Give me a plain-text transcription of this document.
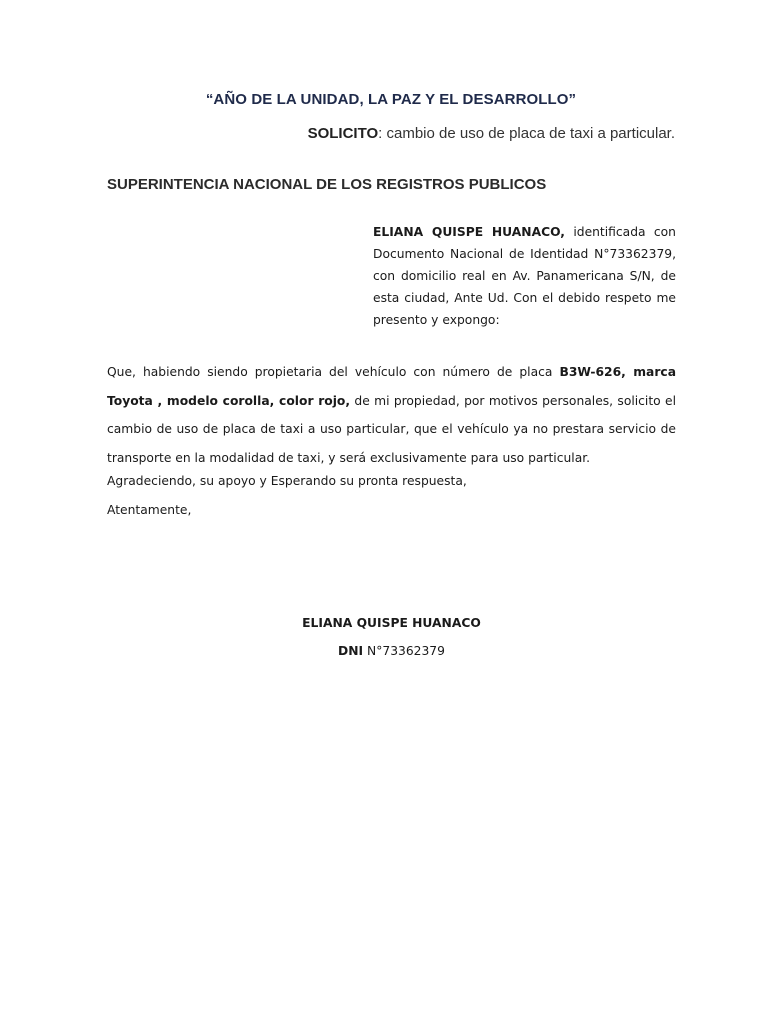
“AÑO DE LA UNIDAD, LA PAZ Y EL DESARROLLO”
SOLICITO: cambio de uso de placa de taxi a particular.
SUPERINTENCIA NACIONAL DE LOS REGISTROS PUBLICOS
ELIANA QUISPE HUANACO, identificada con Documento Nacional de Identidad N°73362379, con domicilio real en Av. Panamericana S/N, de esta ciudad, Ante Ud. Con el debido respeto me presento y expongo:
Que, habiendo siendo propietaria del vehículo con número de placa B3W-626, marca Toyota , modelo corolla, color rojo, de mi propiedad, por motivos personales, solicito el cambio de uso de placa de taxi a uso particular, que el vehículo ya no prestara servicio de transporte en la modalidad de taxi, y será exclusivamente para uso particular.
Agradeciendo, su apoyo y Esperando su pronta respuesta,
Atentamente,
ELIANA QUISPE HUANACO
DNI N°73362379
